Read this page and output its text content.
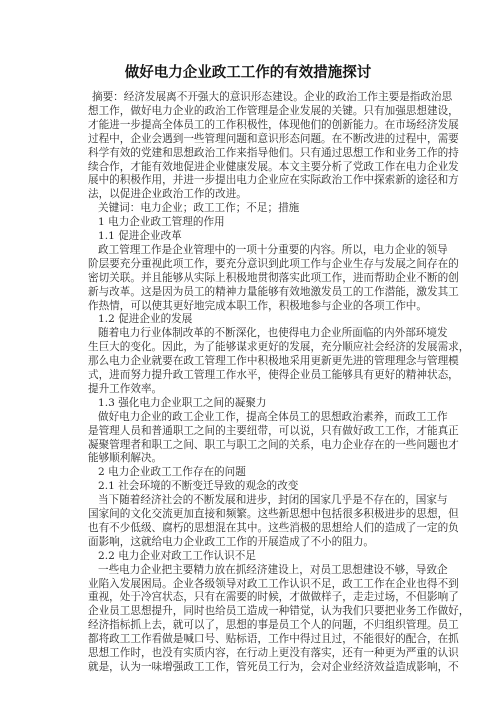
做好电力企业政工工作的有效措施探讨
摘要：经济发展离不开强大的意识形态建设。企业的政治工作主要是指政治思
想工作，做好电力企业的政治工作管理是企业发展的关键。只有加强思想建设，
才能进一步提高全体员工的工作积极性，体现他们的创新能力。在市场经济发展
过程中，企业会遇到一些管理问题和意识形态问题。在不断改进的过程中，需要
科学有效的党建和思想政治工作来指导他们。只有通过思想工作和业务工作的持
续合作，才能有效地促进企业健康发展。本文主要分析了党政工作在电力企业发
展中的积极作用，并进一步提出电力企业应在实际政治工作中探索新的途径和方
法，以促进企业政治工作的改进。
关键词：电力企业；政工工作；不足；措施
1 电力企业政工管理的作用
1.1 促进企业改革
政工管理工作是企业管理中的一项十分重要的内容。所以，电力企业的领导
阶层要充分重视此项工作，要充分意识到此项工作与企业生存与发展之间存在的
密切关联。并且能够从实际上积极地贯彻落实此项工作，进而帮助企业不断的创
新与改革。这是因为员工的精神力量能够有效地激发员工的工作潜能，激发其工
作热情，可以使其更好地完成本职工作，积极地参与企业的各项工作中。
1.2 促进企业的发展
随着电力行业体制改革的不断深化，也使得电力企业所面临的内外部环境发
生巨大的变化。因此，为了能够谋求更好的发展，充分顺应社会经济的发展需求，
那么电力企业就要在政工管理工作中积极地采用更新更先进的管理理念与管理模
式，进而努力提升政工管理工作水平，使得企业员工能够具有更好的精神状态，
提升工作效率。
1.3 强化电力企业职工之间的凝聚力
做好电力企业的政工企业工作，提高全体员工的思想政治素养，而政工工作
是管理人员和普通职工之间的主要纽带，可以说，只有做好政工工作，才能真正
凝聚管理者和职工之间、职工与职工之间的关系，电力企业存在的一些问题也才
能够顺利解决。
2 电力企业政工工作存在的问题
2.1 社会环境的不断变迁导致的观念的改变
当下随着经济社会的不断发展和进步，封闭的国家几乎是不存在的，国家与
国家间的文化交流更加直接和频繁。这些新思想中包括很多积极进步的思想，但
也有不少低级、腐朽的思想混在其中。这些消极的思想给人们的造成了一定的负
面影响，这就给电力企业政工工作的开展造成了不小的阻力。
2.2 电力企业对政工工作认识不足
一些电力企业把主要精力放在抓经济建设上，对员工思想建设不够，导致企
业陷入发展困局。企业各级领导对政工工作认识不足，政工工作在企业也得不到
重视，处于冷宫状态，只有在需要的时候，才做做样子，走走过场，不但影响了
企业员工思想提升，同时也给员工造成一种错觉，认为我们只要把业务工作做好，
经济指标抓上去，就可以了，思想的事是员工个人的问题，不归组织管理。员工
都将政工工作看做是喊口号、贴标语，工作中得过且过，不能很好的配合，在抓
思想工作时，也没有实质内容，在行动上更没有落实，还有一种更为严重的认识
就是，认为一味增强政工工作，管死员工行为，会对企业经济效益造成影响，不
